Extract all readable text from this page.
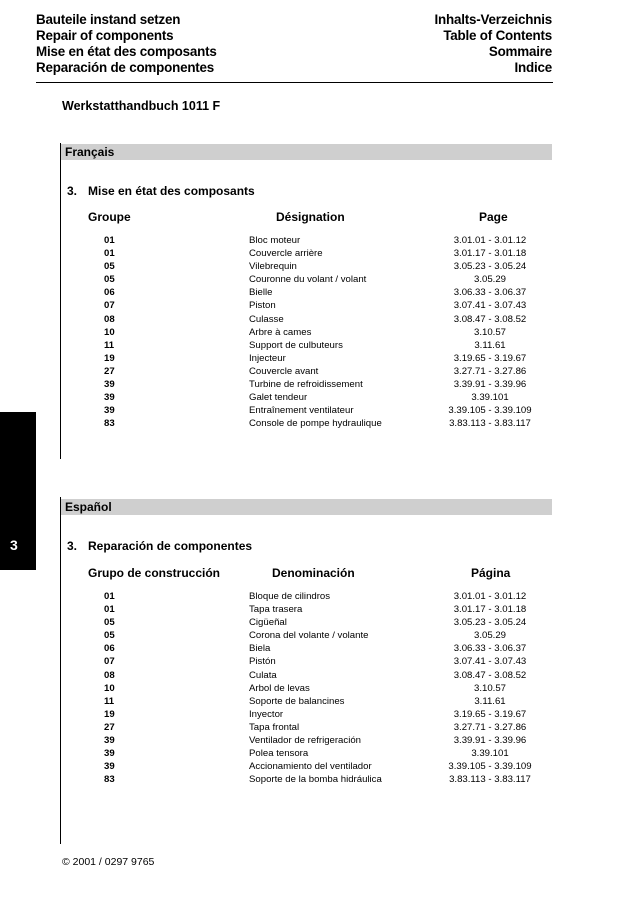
Bauteile instand setzen
Repair of components
Mise en état des composants
Reparación de componentes
Inhalts-Verzeichnis
Table of Contents
Sommaire
Indice
Werkstatthandbuch 1011 F
Français
3. Mise en état des composants
Groupe	Désignation	Page
01	Bloc moteur	3.01.01 - 3.01.12
01	Couvercle arrière	3.01.17 - 3.01.18
05	Vilebrequin	3.05.23 - 3.05.24
05	Couronne du volant / volant	3.05.29
06	Bielle	3.06.33 - 3.06.37
07	Piston	3.07.41 - 3.07.43
08	Culasse	3.08.47 - 3.08.52
10	Arbre à cames	3.10.57
11	Support de culbuteurs	3.11.61
19	Injecteur	3.19.65 - 3.19.67
27	Couvercle avant	3.27.71 - 3.27.86
39	Turbine de refroidissement	3.39.91 - 3.39.96
39	Galet tendeur	3.39.101
39	Entraînement ventilateur	3.39.105 - 3.39.109
83	Console de pompe hydraulique	3.83.113 - 3.83.117
Español
3. Reparación de componentes
Grupo de construcción	Denominación	Página
01	Bloque de cilindros	3.01.01 - 3.01.12
01	Tapa trasera	3.01.17 - 3.01.18
05	Cigüeñal	3.05.23 - 3.05.24
05	Corona del volante / volante	3.05.29
06	Biela	3.06.33 - 3.06.37
07	Pistón	3.07.41 - 3.07.43
08	Culata	3.08.47 - 3.08.52
10	Arbol de levas	3.10.57
11	Soporte de balancines	3.11.61
19	Inyector	3.19.65 - 3.19.67
27	Tapa frontal	3.27.71 - 3.27.86
39	Ventilador de refrigeración	3.39.91 - 3.39.96
39	Polea tensora	3.39.101
39	Accionamiento del ventilador	3.39.105 - 3.39.109
83	Soporte de la bomba hidráulica	3.83.113 - 3.83.117
3
© 2001 / 0297 9765
